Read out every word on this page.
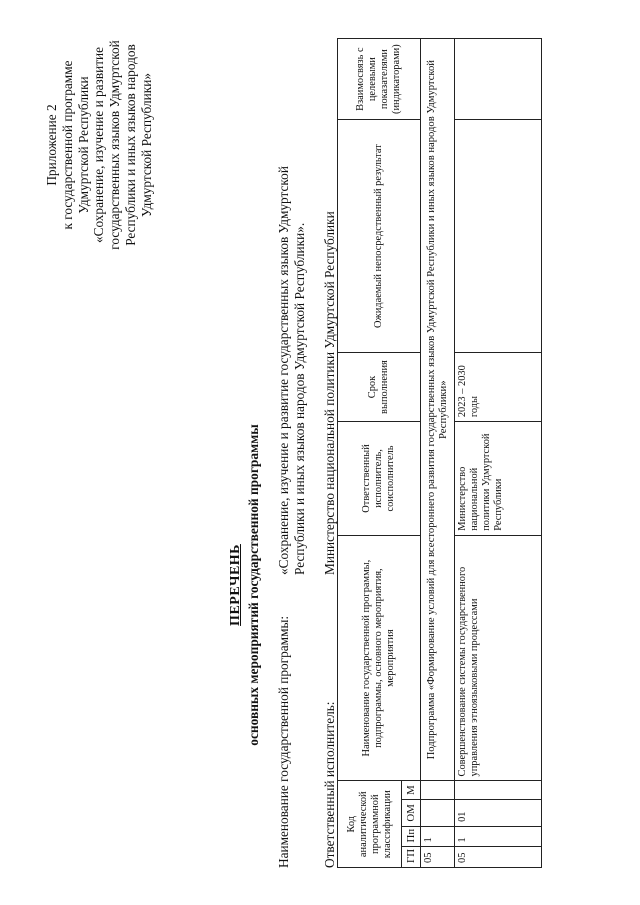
Приложение 2 к государственной программе Удмуртской Республики «Сохранение, изучение и развитие государственных языков Удмуртской Республики и иных языков народов Удмуртской Республики»
ПЕРЕЧЕНЬ основных мероприятий государственной программы Наименование государственной программы:
«Сохранение, изучение и развитие государственных языков Удмуртской Республики и иных языков народов Удмуртской Республики».
Ответственный исполнитель:
Министерство национальной политики Удмуртской Республики
Код аналитической программной классификации				Наименование государственной программы, подпрограммы, основного мероприятия, мероприятия	Ответственный исполнитель, соисполнитель	Срок выполнения	Ожидаемый непосредственный результат	Взаимосвязь с целевыми показателями (индикаторами)
ГП	Пп	ОМ	М					
05	1			Подпрограмма «Формирование условий для всестороннего развития государственных языков Удмуртской Республики и иных языков народов Удмуртской Республики»				
05	1	01		Совершенствование системы государственного управления этноязыковыми процессами	Министерство национальной политики Удмуртской Республики	2023 – 2030 годы		
